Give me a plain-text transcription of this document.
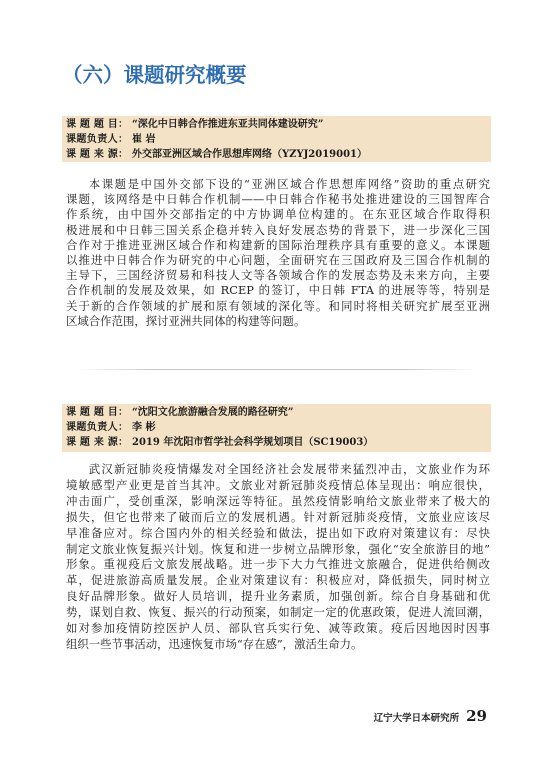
（六）课题研究概要
课 题 题 目： “深化中日韩合作推进东亚共同体建设研究”
课题负责人： 崔 岩
课 题 来 源： 外交部亚洲区域合作思想库网络（YZYJ2019001）
本课题是中国外交部下设的“亚洲区域合作思想库网络”资助的重点研究
课题，该网络是中日韩合作机制——中日韩合作秘书处推进建设的三国智库合
作系统，由中国外交部指定的中方协调单位构建的。在东亚区域合作取得积
极进展和中日韩三国关系企稳并转入良好发展态势的背景下，进一步深化三国
合作对于推进亚洲区域合作和构建新的国际治理秩序具有重要的意义。本课题
以推进中日韩合作为研究的中心问题，全面研究在三国政府及三国合作机制的
主导下，三国经济贸易和科技人文等各领域合作的发展态势及未来方向，主要
合作机制的发展及效果，如 RCEP 的签订，中日韩 FTA 的进展等等，特别是
关于新的合作领域的扩展和原有领域的深化等。和同时将相关研究扩展至亚洲
区域合作范围，探讨亚洲共同体的构建等问题。
课 题 题 目： “沈阳文化旅游融合发展的路径研究”
课题负责人： 李 彬
课 题 来 源： 2019 年沈阳市哲学社会科学规划项目（SC19003）
武汉新冠肺炎疫情爆发对全国经济社会发展带来猛烈冲击，文旅业作为环
境敏感型产业更是首当其冲。文旅业对新冠肺炎疫情总体呈现出：响应很快，
冲击面广，受创重深，影响深远等特征。虽然疫情影响给文旅业带来了极大的
损失，但它也带来了破而后立的发展机遇。针对新冠肺炎疫情，文旅业应该尽
早准备应对。综合国内外的相关经验和做法，提出如下政府对策建议有：尽快
制定文旅业恢复振兴计划。恢复和进一步树立品牌形象，强化“安全旅游目的地”
形象。重视疫后文旅发展战略。进一步下大力气推进文旅融合，促进供给侧改
革，促进旅游高质量发展。企业对策建议有：积极应对，降低损失，同时树立
良好品牌形象。做好人员培训，提升业务素质，加强创新。综合自身基础和优
势，谋划自救、恢复、振兴的行动预案，如制定一定的优惠政策，促进人流回潮，
如对参加疫情防控医护人员、部队官兵实行免、减等政策。疫后因地因时因事
组织一些节事活动，迅速恢复市场“存在感”，激活生命力。
辽宁大学日本研究所 29
